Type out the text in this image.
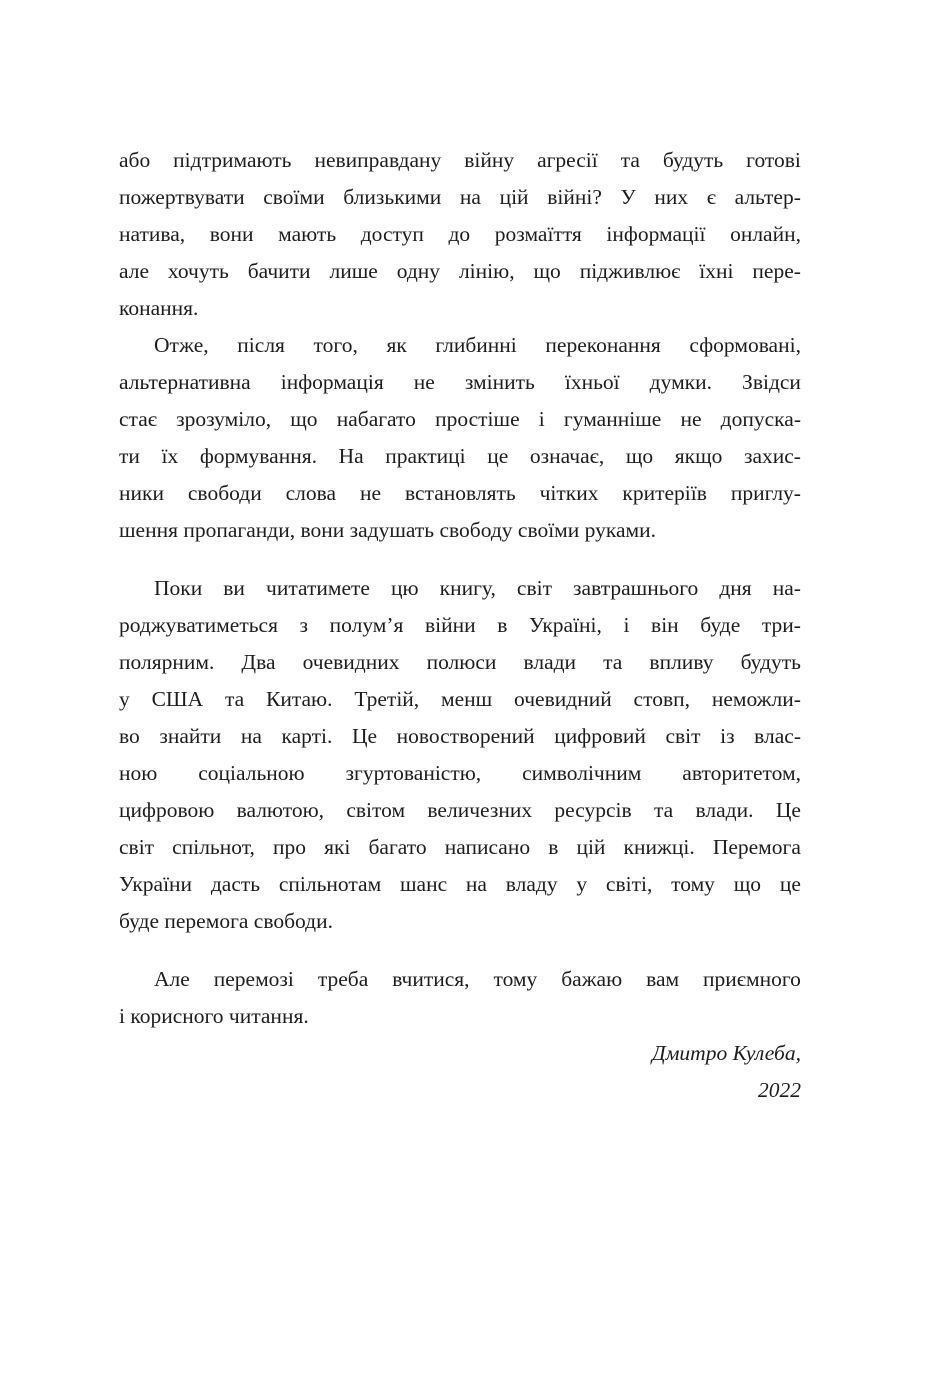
або підтримають невиправдану війну агресії та будуть готові
пожертвувати своїми близькими на цій війні? У них є альтер-
натива, вони мають доступ до розмаїття інформації онлайн,
але хочуть бачити лише одну лінію, що підживлює їхні пере-
конання.
Отже, після того, як глибинні переконання сформовані,
альтернативна інформація не змінить їхньої думки. Звідси
стає зрозуміло, що набагато простіше і гуманніше не допуска-
ти їх формування. На практиці це означає, що якщо захис-
ники свободи слова не встановлять чітких критеріїв приглу-
шення пропаганди, вони задушать свободу своїми руками.
Поки ви читатимете цю книгу, світ завтрашнього дня на-
роджуватиметься з полум’я війни в Україні, і він буде три-
полярним. Два очевидних полюси влади та впливу будуть
у США та Китаю. Третій, менш очевидний стовп, неможли-
во знайти на карті. Це новостворений цифровий світ із влас-
ною соціальною згуртованістю, символічним авторитетом,
цифровою валютою, світом величезних ресурсів та влади. Це
світ спільнот, про які багато написано в цій книжці. Перемога
України дасть спільнотам шанс на владу у світі, тому що це
буде перемога свободи.
Але перемозі треба вчитися, тому бажаю вам приємного
і корисного читання.
Дмитро Кулеба,
2022
